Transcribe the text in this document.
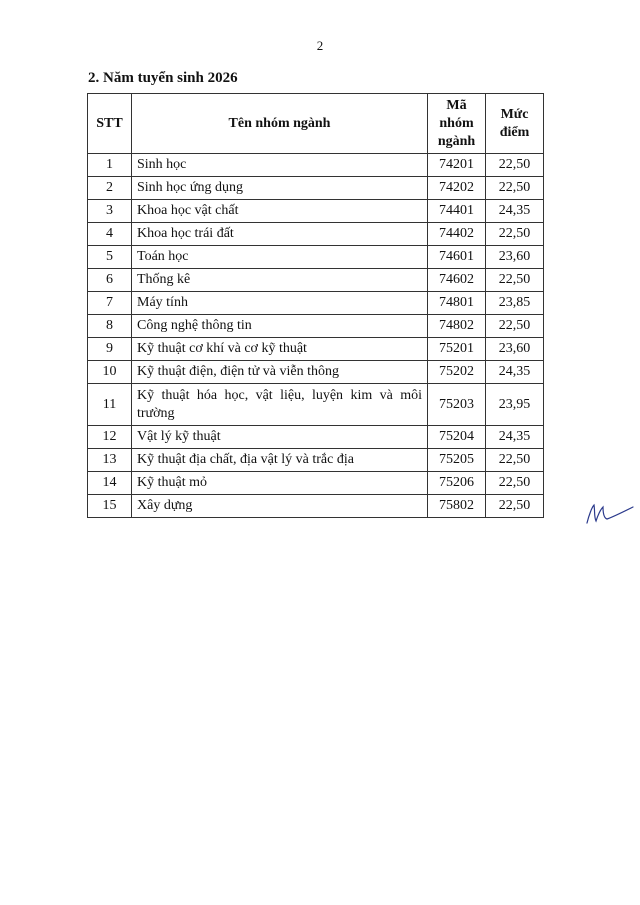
2
2. Năm tuyển sinh 2026
STT	Tên nhóm ngành	Mã nhóm ngành	Mức điểm
1	Sinh học	74201	22,50
2	Sinh học ứng dụng	74202	22,50
3	Khoa học vật chất	74401	24,35
4	Khoa học trái đất	74402	22,50
5	Toán học	74601	23,60
6	Thống kê	74602	22,50
7	Máy tính	74801	23,85
8	Công nghệ thông tin	74802	22,50
9	Kỹ thuật cơ khí và cơ kỹ thuật	75201	23,60
10	Kỹ thuật điện, điện tử và viễn thông	75202	24,35
11	Kỹ thuật hóa học, vật liệu, luyện kim và môi trường	75203	23,95
12	Vật lý kỹ thuật	75204	24,35
13	Kỹ thuật địa chất, địa vật lý và trắc địa	75205	22,50
14	Kỹ thuật mỏ	75206	22,50
15	Xây dựng	75802	22,50
